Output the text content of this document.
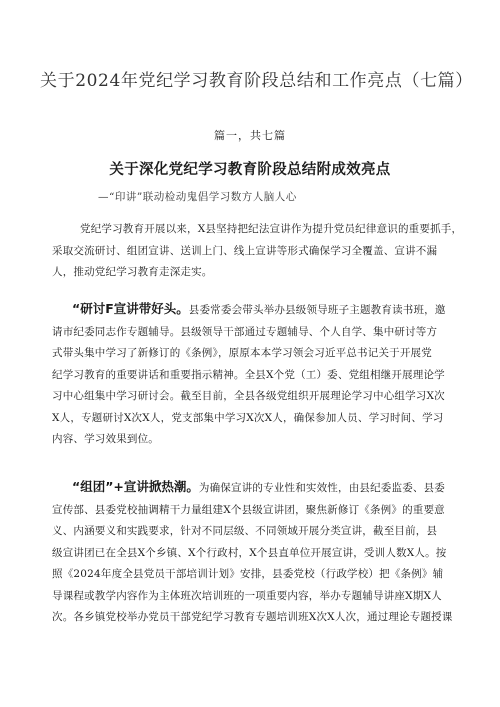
关于2024年党纪学习教育阶段总结和工作亮点（七篇）
篇一，共七篇
关于深化党纪学习教育阶段总结附成效亮点
—“印讲”联动检动鬼倡学习数方人脑人心
党纪学习教育开展以来，X县坚持把纪法宣讲作为提升党员纪律意识的重要抓手，
采取交流研讨、组团宣讲、送训上门、线上宣讲等形式确保学习全覆盖、宣讲不漏
人，推动党纪学习教育走深走实。
“研讨F宣讲带好头。县委常委会带头举办县级领导班子主题教育读书班，邀
请市纪委同志作专题辅导。县级领导干部通过专题辅导、个人自学、集中研讨等方
式带头集中学习了新修订的《条例》，原原本本学习领会习近平总书记关于开展党
纪学习教育的重要讲话和重要指示精神。全县X个党（工）委、党组相继开展理论学
习中心组集中学习研讨会。截至目前，全县各级党组织开展理论学习中心组学习X次
X人，专题研讨X次X人，党支部集中学习X次X人，确保参加人员、学习时间、学习
内容、学习效果到位。
“组团”+宣讲掀热潮。为确保宣讲的专业性和实效性，由县纪委监委、县委
宣传部、县委党校抽调精干力量组建X个县级宣讲团，聚焦新修订《条例》的重要意
义、内涵要义和实践要求，针对不同层级、不同领域开展分类宣讲，截至目前，县
级宣讲团已在全县X个乡镇、X个行政村，X个县直单位开展宣讲，受训人数X人。按
照《2024年度全县党员干部培训计划》安排，县委党校（行政学校）把《条例》辅
导课程或教学内容作为主体班次培训班的一项重要内容，举办专题辅导讲座X期X人
次。各乡镇党校举办党员干部党纪学习教育专题培训班X次X人次，通过理论专题授课
